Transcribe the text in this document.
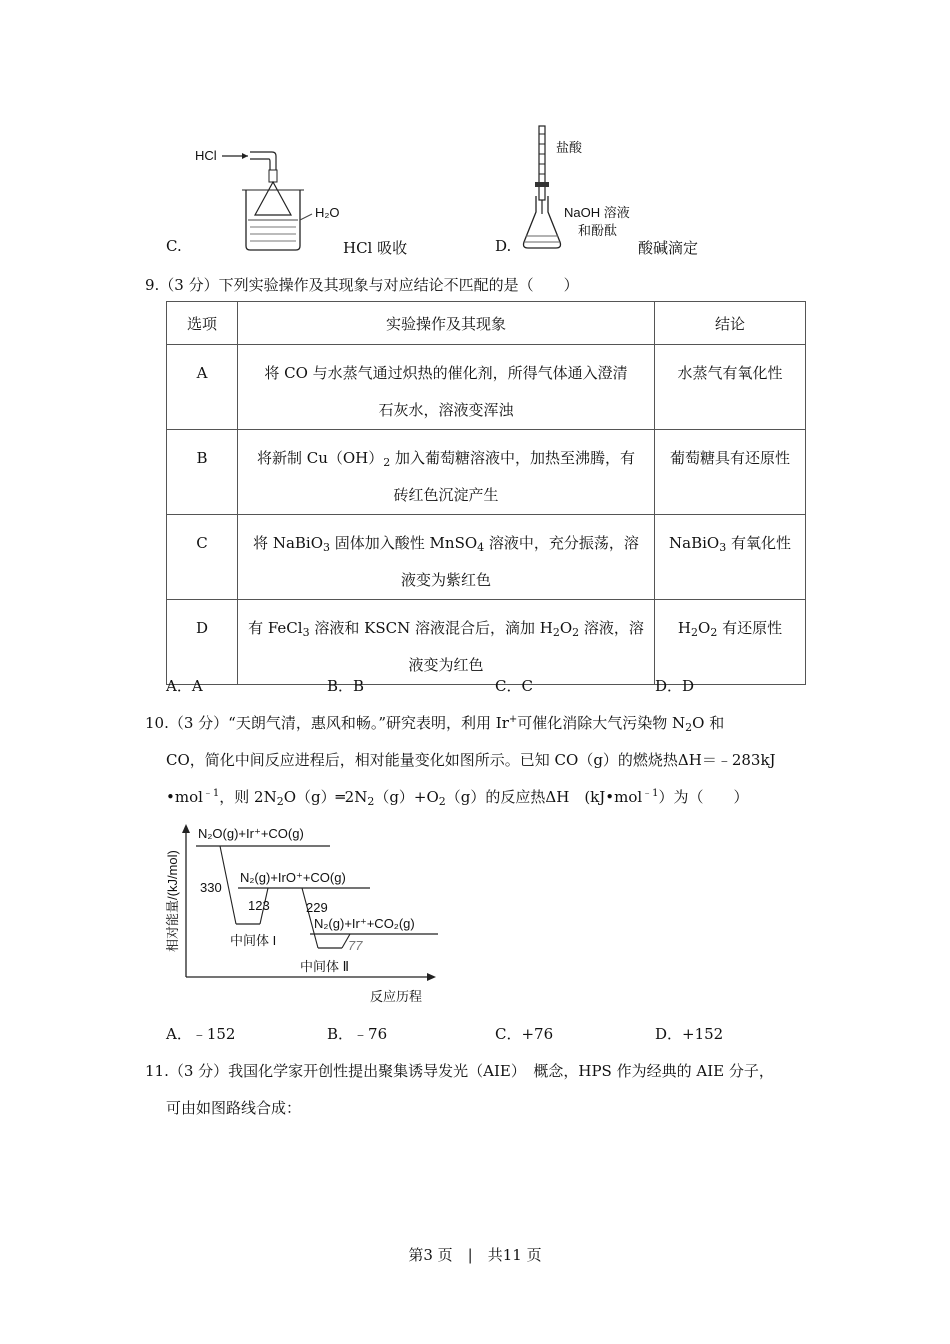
HCl
H₂O
C.	HCl 吸收
盐酸
NaOH 溶液
和酚酞
D.	酸碱滴定
9.（3 分）下列实验操作及其现象与对应结论不匹配的是（　　）
选项	实验操作及其现象	结论

A	将 CO 与水蒸气通过炽热的催化剂，所得气体通入澄清
石灰水，溶液变浑浊	水蒸气有氧化性

B	将新制 $Cu(OH)_2$ 加入葡萄糖溶液中，加热至沸腾，有
砖红色沉淀产生	葡萄糖具有还原性

C	将 NaBiO$_3$ 固体加入酸性 MnSO$_4$ 溶液中，充分振荡，溶
液变为紫红色	NaBiO$_3$ 有氧化性

D	有 FeCl$_3$ 溶液和 KSCN 溶液混合后，滴加 $H_2O_2$ 溶液，溶
液变为红色	$H_2O_2$ 有还原性
A．A	B．B	C．C	D．D
10.（3 分）“天朗气清，惠风和畅。”研究表明，利用 Ir+可催化消除大气污染物 $N_2O$ 和
CO，简化中间反应进程后，相对能量变化如图所示。已知 CO（g）的燃烧热ΔH＝﹣283kJ
•mol$^{﹣1}$，则 $2N_2O(g)═2N_2(g)+O_2(g)$的反应热ΔH　(kJ•mol$^{﹣1}$）为（　　）
相对能量/(kJ/mol)
N₂O(g)+Ir⁺+CO(g)
N₂(g)+IrO⁺+CO(g)
N₂(g)+Ir⁺+CO₂(g)
330
123	229
77
中间体 I
中间体 Ⅱ
反应历程
A．﹣152	B．﹣76	C．+76	D．+152
11.（3 分）我国化学家开创性提出聚集诱导发光（AIE）　概念，HPS 作为经典的 AIE 分子，
可由如图路线合成：
第3 页　|　共11 页
